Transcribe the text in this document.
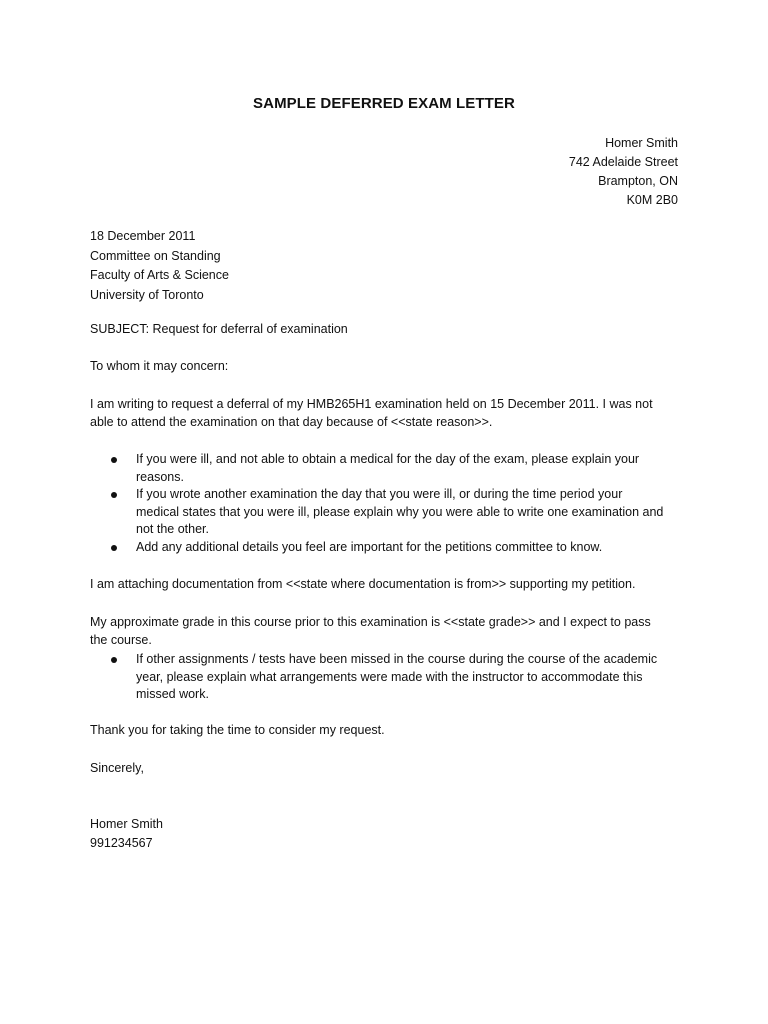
SAMPLE DEFERRED EXAM LETTER
Homer Smith
742 Adelaide Street
Brampton, ON
K0M 2B0
18 December 2011
Committee on Standing
Faculty of Arts & Science
University of Toronto
SUBJECT: Request for deferral of examination
To whom it may concern:
I am writing to request a deferral of my HMB265H1 examination held on 15 December 2011. I was not
able to attend the examination on that day because of <<state reason>>.
If you were ill, and not able to obtain a medical for the day of the exam, please explain your
reasons.
If you wrote another examination the day that you were ill, or during the time period your
medical states that you were ill, please explain why you were able to write one examination and
not the other.
Add any additional details you feel are important for the petitions committee to know.
I am attaching documentation from <<state where documentation is from>> supporting my petition.
My approximate grade in this course prior to this examination is <<state grade>> and I expect to pass
the course.
If other assignments / tests have been missed in the course during the course of the academic
year, please explain what arrangements were made with the instructor to accommodate this
missed work.
Thank you for taking the time to consider my request.
Sincerely,
Homer Smith
991234567
